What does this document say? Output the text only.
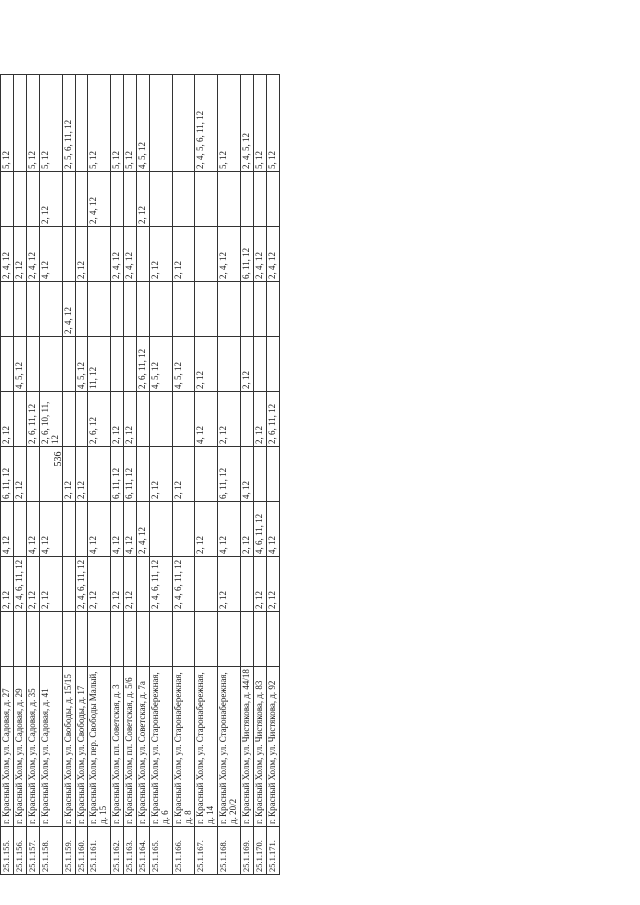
536

25.1.155.	г. Красный Холм, ул. Садовая, д. 27		2, 12	4, 12	6, 11, 12	2, 12			2, 4, 12		5, 12
25.1.156.	г. Красный Холм, ул. Садовая, д. 29		2, 4, 6, 11, 12		2, 12		4, 5, 12		2, 12		
25.1.157.	г. Красный Холм, ул. Садовая, д. 35		2, 12	4, 12		2, 6, 11, 12			2, 4, 12		5, 12
25.1.158.	г. Красный Холм, ул. Садовая, д. 41		2, 12	4, 12		2, 6, 10, 11, 12			4, 12	2, 12	5, 12
25.1.159.	г. Красный Холм, ул. Свободы, д. 15/15				2, 12			2, 4, 12			2, 5, 6, 11, 12
25.1.160.	г. Красный Холм, ул. Свободы, д. 17		2, 4, 6, 11, 12		2, 12		4, 5, 12		2, 12		
25.1.161.	г. Красный Холм, пер. Свободы Малый, д. 15		2, 12	4, 12		2, 6, 12	11, 12			2, 4, 12	5, 12
25.1.162.	г. Красный Холм, пл. Советская, д. 3		2, 12	4, 12	6, 11, 12	2, 12			2, 4, 12		5, 12
25.1.163.	г. Красный Холм, пл. Советская, д. 5/6		2, 12	4, 12	6, 11, 12	2, 12			2, 4, 12		5, 12
25.1.164.	г. Красный Холм, ул. Советская, д. 7а			2, 4, 12			2, 6, 11, 12			2, 12	4, 5, 12
25.1.165.	г. Красный Холм, ул. Старонабережная, д. 6		2, 4, 6, 11, 12		2, 12		4, 5, 12		2, 12		
25.1.166.	г. Красный Холм, ул. Старонабережная, д. 8		2, 4, 6, 11, 12		2, 12		4, 5, 12		2, 12		
25.1.167.	г. Красный Холм, ул. Старонабережная, д. 14			2, 12		4, 12	2, 12				2, 4, 5, 6, 11, 12
25.1.168.	г. Красный Холм, ул. Старонабережная, д. 20/2		2, 12	4, 12	6, 11, 12	2, 12			2, 4, 12		5, 12
25.1.169.	г. Красный Холм, ул. Чистякова, д. 44/18			2, 12	4, 12		2, 12		6, 11, 12		2, 4, 5, 12
25.1.170.	г. Красный Холм, ул. Чистякова, д. 83		2, 12	4, 6, 11, 12		2, 12			2, 4, 12		5, 12
25.1.171.	г. Красный Холм, ул. Чистякова, д. 92		2, 12	4, 12		2, 6, 11, 12			2, 4, 12		5, 12
